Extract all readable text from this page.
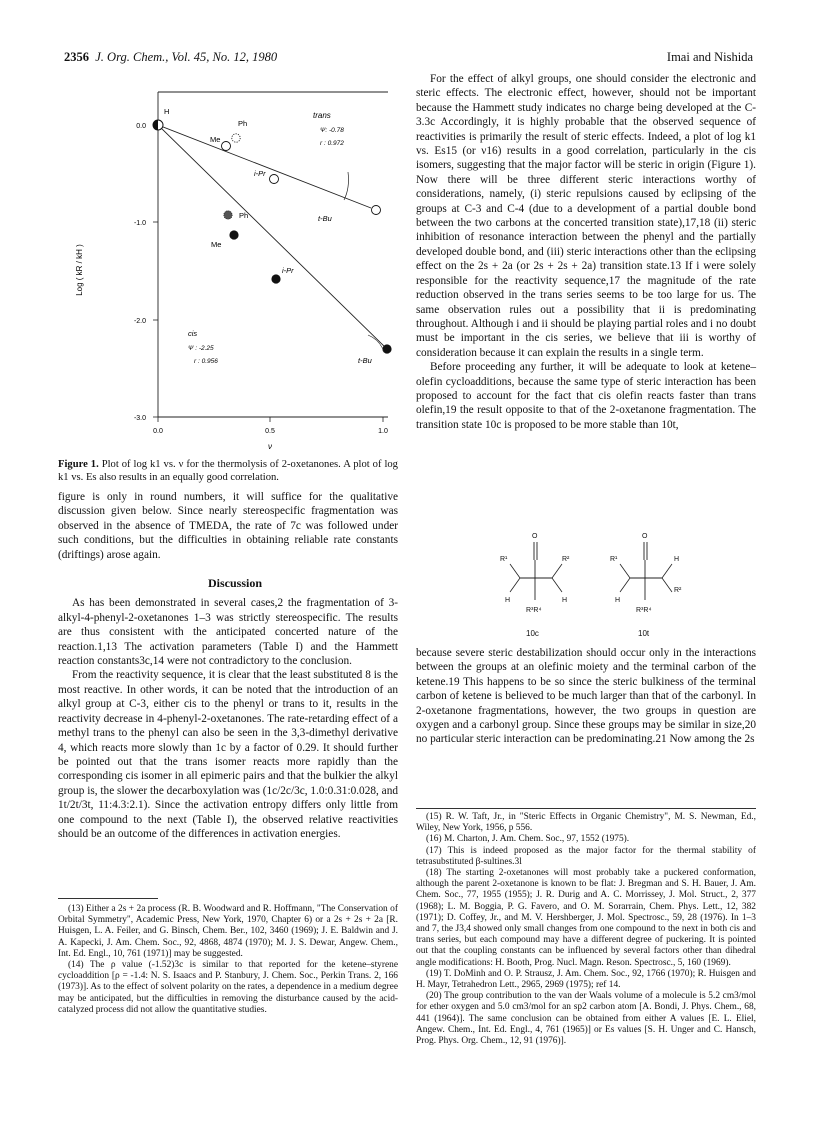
2356 J. Org. Chem., Vol. 45, No. 12, 1980	Imai and Nishida
0.0
-1.0
-2.0
-3.0
0.0	0.5	1.0
ν
Log ( kR / kH )
H
Me
Ph
i-Pr
t-Bu
trans
Ψ: -0.78
r : 0.972
Ph
Me
i-Pr
t-Bu
cis
Ψ : -2.25
r : 0.956
Figure 1. Plot of log k1 vs. ν for the thermolysis of 2-oxetanones. A plot of log k1 vs. Es also results in an equally good correlation.

figure is only in round numbers, it will suffice for the qualitative discussion given below. Since nearly stereospecific fragmentation was observed in the absence of TMEDA, the rate of 7c was followed under such conditions, but the difficulties in obtaining reliable rate constants (driftings) arose again.

Discussion

As has been demonstrated in several cases,2 the fragmentation of 3-alkyl-4-phenyl-2-oxetanones 1–3 was strictly stereospecific. The results are thus consistent with the anticipated concerted nature of the reaction.1,13 The activation parameters (Table I) and the Hammett reaction constants3c,14 were not contradictory to the conclusion.

From the reactivity sequence, it is clear that the least substituted 8 is the most reactive. In other words, it can be noted that the introduction of an alkyl group at C-3, either cis to the phenyl or trans to it, results in the reactivity decrease in 4-phenyl-2-oxetanones. The rate-retarding effect of a methyl trans to the phenyl can also be seen in the 3,3-dimethyl derivative 4, which reacts more slowly than 1c by a factor of 0.29. It should further be pointed out that the trans isomer reacts more rapidly than the corresponding cis isomer in all epimeric pairs and that the bulkier the alkyl group is, the slower the decarboxylation was (1c/2c/3c, 1.0:0.31:0.028, and 1t/2t/3t, 11:4.3:2.1). Since the activation entropy differs only little from one compound to the next (Table I), the observed relative reactivities should be an outcome of the differences in activation energies.

(13) Either a 2s + 2a process (R. B. Woodward and R. Hoffmann, "The Conservation of Orbital Symmetry", Academic Press, New York, 1970, Chapter 6) or a 2s + 2s + 2a [R. Huisgen, L. A. Feiler, and G. Binsch, Chem. Ber., 102, 3460 (1969); J. E. Baldwin and J. A. Kapecki, J. Am. Chem. Soc., 92, 4868, 4874 (1970); M. J. S. Dewar, Angew. Chem., Int. Ed. Engl., 10, 761 (1971)] may be suggested.

(14) The ρ value (-1.52)3c is similar to that reported for the ketene–styrene cycloaddition [ρ = -1.4: N. S. Isaacs and P. Stanbury, J. Chem. Soc., Perkin Trans. 2, 166 (1973)]. As to the effect of solvent polarity on the rates, a dependence in a medium degree may be anticipated, but the difficulties in removing the disturbance caused by the acid-catalyzed process did not allow the quantitative studies.

For the effect of alkyl groups, one should consider the electronic and steric effects. The electronic effect, however, should not be important because the Hammett study indicates no charge being developed at the C-3.3c Accordingly, it is highly probable that the observed sequence of reactivities is primarily the result of steric effects. Indeed, a plot of log k1 vs. Es15 (or ν16) results in a good correlation, particularly in the cis isomers, suggesting that the major factor will be steric in origin (Figure 1). Now there will be three different steric interactions worthy of considerations, namely, (i) steric repulsions caused by eclipsing of the groups at C-3 and C-4 (due to a development of a partial double bond between the two carbons at the concerted transition state),17,18 (ii) steric inhibition of resonance interaction between the phenyl and the partially developed double bond, and (iii) steric interactions other than the eclipsing effect on the 2s + 2a (or 2s + 2s + 2a) transition state.13 If i were solely responsible for the reactivity sequence,17 the magnitude of the rate reduction observed in the trans series seems to be too large for us. The same observation rules out a possibility that ii is predominating throughout. Although i and ii should be playing partial roles and i no doubt must be important in the cis series, we believe that iii is worthy of consideration because it can explain the results in a single term.

Before proceeding any further, it will be adequate to look at ketene–olefin cycloadditions, because the same type of steric interaction has been proposed to account for the fact that cis olefin reacts faster than trans olefin,19 the result opposite to that of the 2-oxetanone fragmentation. The transition state 10c is proposed to be more stable than 10t,

O
R¹	R²
H	H
R³R⁴
10c
O
R¹	H
H
R²
R³R⁴
10t

because severe steric destabilization should occur only in the interactions between the groups at an olefinic moiety and the terminal carbon of the ketene.19 This happens to be so since the steric bulkiness of the terminal carbon of ketene is believed to be much larger than that of the carbonyl. In 2-oxetanone fragmentations, however, the two groups in question are oxygen and a carbonyl group. Since these groups may be similar in size,20 no particular steric interaction can be predominating.21 Now among the 2s

(15) R. W. Taft, Jr., in "Steric Effects in Organic Chemistry", M. S. Newman, Ed., Wiley, New York, 1956, p 556.

(16) M. Charton, J. Am. Chem. Soc., 97, 1552 (1975).

(17) This is indeed proposed as the major factor for the thermal stability of tetrasubstituted β-sultines.3l

(18) The starting 2-oxetanones will most probably take a puckered conformation, although the parent 2-oxetanone is known to be flat: J. Bregman and S. H. Bauer, J. Am. Chem. Soc., 77, 1955 (1955); J. R. Durig and A. C. Morrissey, J. Mol. Struct., 2, 377 (1968); L. M. Boggia, P. G. Favero, and O. M. Sorarrain, Chem. Phys. Lett., 12, 382 (1971); D. Coffey, Jr., and M. V. Hershberger, J. Mol. Spectrosc., 59, 28 (1976). In 1–3 and 7, the J3,4 showed only small changes from one compound to the next in both cis and trans series, but each compound may have a different degree of puckering. It is pointed out that the coupling constants can be influenced by several factors other than dihedral angle modifications: H. Booth, Prog. Nucl. Magn. Reson. Spectrosc., 5, 160 (1969).

(19) T. DoMinh and O. P. Strausz, J. Am. Chem. Soc., 92, 1766 (1970); R. Huisgen and H. Mayr, Tetrahedron Lett., 2965, 2969 (1975); ref 14.

(20) The group contribution to the van der Waals volume of a molecule is 5.2 cm3/mol for ether oxygen and 5.0 cm3/mol for an sp2 carbon atom [A. Bondi, J. Phys. Chem., 68, 441 (1964)]. The same conclusion can be obtained from either A values [E. L. Eliel, Angew. Chem., Int. Ed. Engl., 4, 761 (1965)] or Es values [S. H. Unger and C. Hansch, Prog. Phys. Org. Chem., 12, 91 (1976)].
